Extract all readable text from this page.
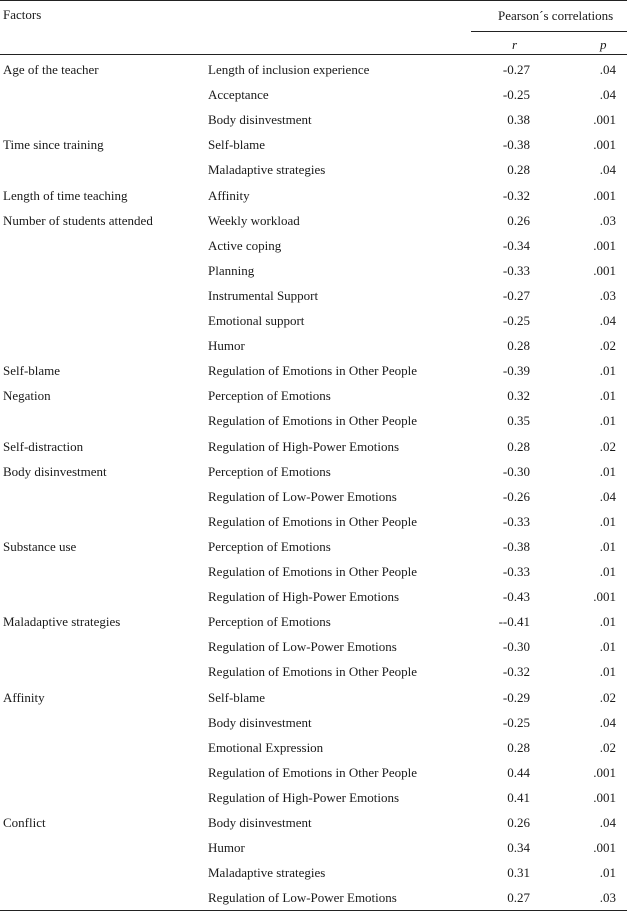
Factors	Pearson´s correlations
r	p
Age of the teacher	Length of inclusion experience	-0.27	.04
Acceptance	-0.25	.04
Body disinvestment	0.38	.001
Time since training	Self-blame	-0.38	.001
Maladaptive strategies	0.28	.04
Length of time teaching	Affinity	-0.32	.001
Number of students attended	Weekly workload	0.26	.03
Active coping	-0.34	.001
Planning	-0.33	.001
Instrumental Support	-0.27	.03
Emotional support	-0.25	.04
Humor	0.28	.02
Self-blame	Regulation of Emotions in Other People	-0.39	.01
Negation	Perception of Emotions	0.32	.01
Regulation of Emotions in Other People	0.35	.01
Self-distraction	Regulation of High-Power Emotions	0.28	.02
Body disinvestment	Perception of Emotions	-0.30	.01
Regulation of Low-Power Emotions	-0.26	.04
Regulation of Emotions in Other People	-0.33	.01
Substance use	Perception of Emotions	-0.38	.01
Regulation of Emotions in Other People	-0.33	.01
Regulation of High-Power Emotions	-0.43	.001
Maladaptive strategies	Perception of Emotions	--0.41	.01
Regulation of Low-Power Emotions	-0.30	.01
Regulation of Emotions in Other People	-0.32	.01
Affinity	Self-blame	-0.29	.02
Body disinvestment	-0.25	.04
Emotional Expression	0.28	.02
Regulation of Emotions in Other People	0.44	.001
Regulation of High-Power Emotions	0.41	.001
Conflict	Body disinvestment	0.26	.04
Humor	0.34	.001
Maladaptive strategies	0.31	.01
Regulation of Low-Power Emotions	0.27	.03
